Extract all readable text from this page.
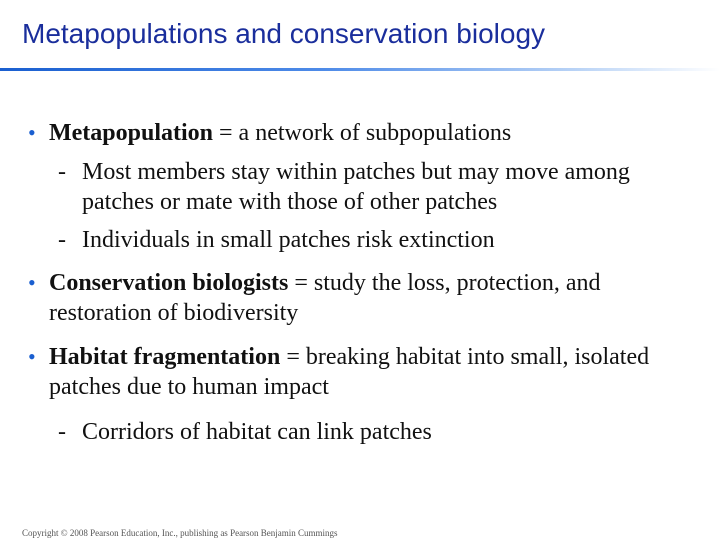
Metapopulations and conservation biology
• Metapopulation = a network of subpopulations
- Most members stay within patches but may move among patches or mate with those of other patches
- Individuals in small patches risk extinction
• Conservation biologists = study the loss, protection, and restoration of biodiversity
• Habitat fragmentation = breaking habitat into small, isolated patches due to human impact
- Corridors of habitat can link patches
Copyright © 2008 Pearson Education, Inc., publishing as Pearson Benjamin Cummings
